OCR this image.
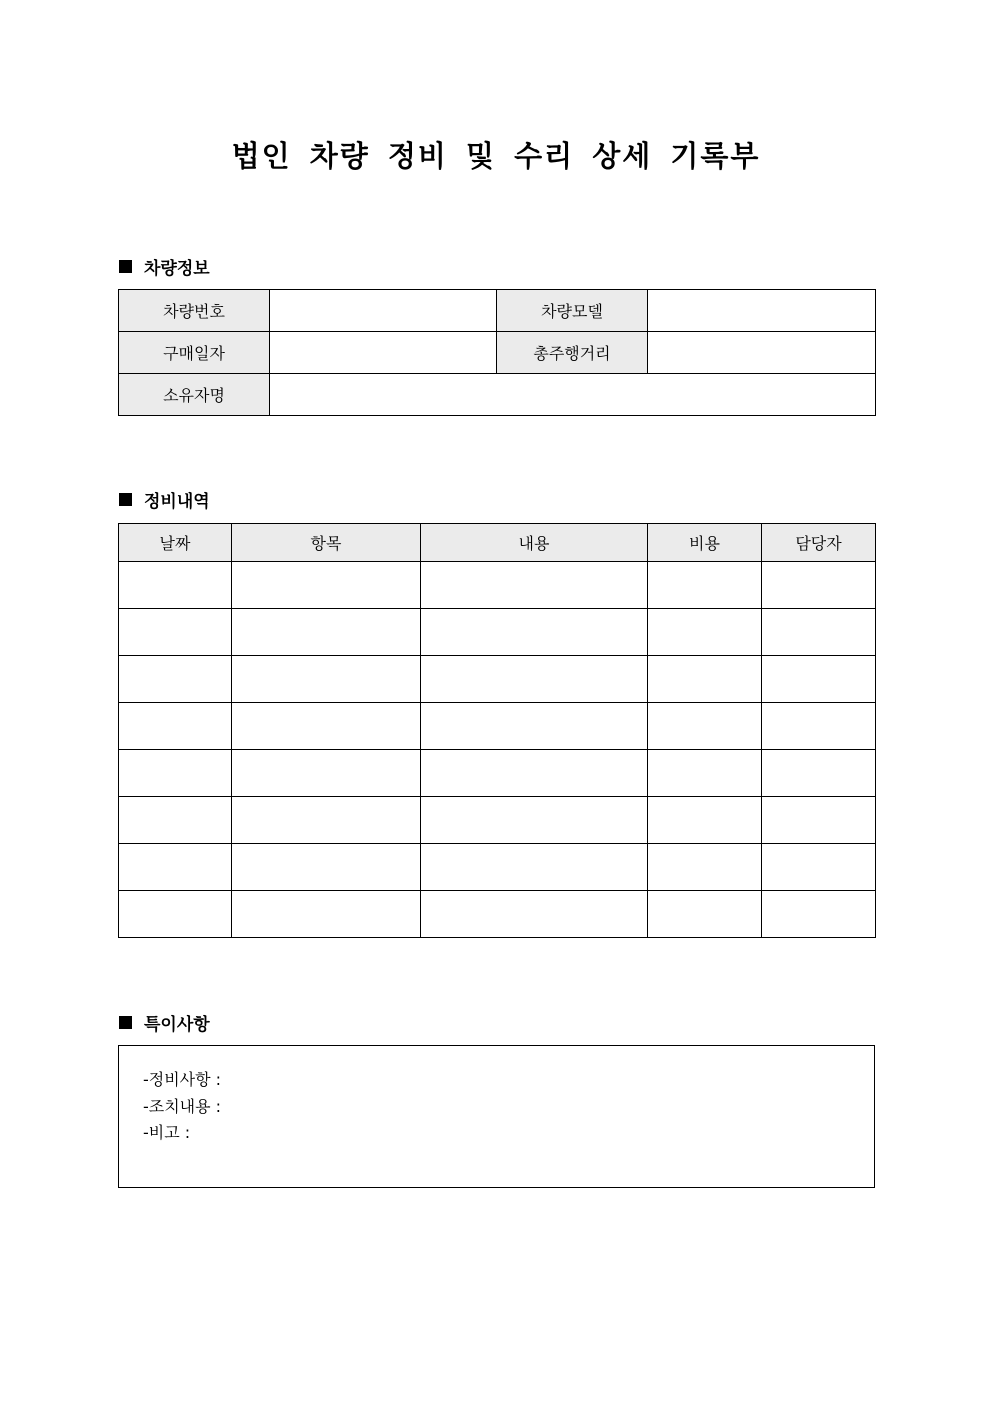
법인 차량 정비 및 수리 상세 기록부
차량정보
차량번호		차량모델	
구매일자		총주행거리	
소유자명			
정비내역
날짜	항목	내용	비용	담당자

특이사항
-정비사항 :
-조치내용 :
-비고 :
